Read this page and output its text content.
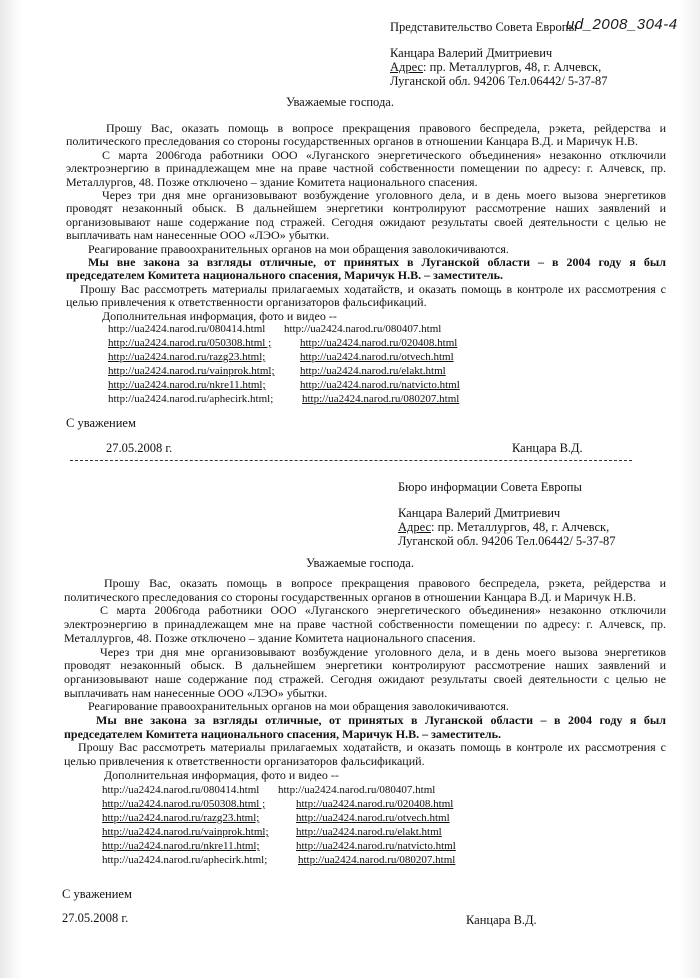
ud_2008_304-4
Представительство Совета Европы
Канцара Валерий Дмитриевич
Адрес: пр. Металлургов, 48, г. Алчевск,
Луганской обл. 94206 Тел.06442/ 5-37-87
Уважаемые господа.

Прошу Вас, оказать помощь в вопросе прекращения правового беспредела, рэкета, рейдерства и политического преследования со стороны государственных органов в отношении Канцара В.Д. и Маричук Н.В.

С марта 2006года работники ООО «Луганского энергетического объединения» незаконно отключили электроэнергию в принадлежащем мне на праве частной собственности помещении по адресу: г. Алчевск, пр. Металлургов, 48. Позже отключено – здание Комитета национального спасения.

Через три дня мне организовывают возбуждение уголовного дела, и в день моего вызова энергетиков проводят незаконный обыск. В дальнейшем энергетики контролируют рассмотрение наших заявлений и организовывают наше содержание под стражей. Сегодня ожидают результаты своей деятельности с целью не выплачивать нам нанесенные ООО «ЛЭО» убытки.

Реагирование правоохранительных органов на мои обращения заволокичиваются.

Мы вне закона за взгляды отличные, от принятых в Луганской области – в 2004 году я был председателем Комитета национального спасения, Маричук Н.В. – заместитель.

Прошу Вас рассмотреть материалы прилагаемых ходатайств, и оказать помощь в контроле их рассмотрения с целью привлечения к ответственности организаторов фальсификаций.

Дополнительная информация, фото и видео --

http://ua2424.narod.ru/080414.html http://ua2424.narod.ru/080407.html
http://ua2424.narod.ru/050308.html ;	http://ua2424.narod.ru/020408.html
http://ua2424.narod.ru/razg23.html;	http://ua2424.narod.ru/otvech.html
http://ua2424.narod.ru/vainprok.html; http://ua2424.narod.ru/elakt.html
http://ua2424.narod.ru/nkre11.html;	http://ua2424.narod.ru/natvicto.html
http://ua2424.narod.ru/aphecirk.html;	http://ua2424.narod.ru/080207.html
С уважением
27.05.2008 г.	Канцара В.Д.
Бюро информации Совета Европы
Канцара Валерий Дмитриевич
Адрес: пр. Металлургов, 48, г. Алчевск,
Луганской обл. 94206 Тел.06442/ 5-37-87
Уважаемые господа.

Прошу Вас, оказать помощь в вопросе прекращения правового беспредела, рэкета, рейдерства и политического преследования со стороны государственных органов в отношении Канцара В.Д. и Маричук Н.В.

С марта 2006года работники ООО «Луганского энергетического объединения» незаконно отключили электроэнергию в принадлежащем мне на праве частной собственности помещении по адресу: г. Алчевск, пр. Металлургов, 48. Позже отключено – здание Комитета национального спасения.

Через три дня мне организовывают возбуждение уголовного дела, и в день моего вызова энергетиков проводят незаконный обыск. В дальнейшем энергетики контролируют рассмотрение наших заявлений и организовывают наше содержание под стражей. Сегодня ожидают результаты своей деятельности с целью не выплачивать нам нанесенные ООО «ЛЭО» убытки.

Реагирование правоохранительных органов на мои обращения заволокичиваются.

Мы вне закона за взгляды отличные, от принятых в Луганской области – в 2004 году я был председателем Комитета национального спасения, Маричук Н.В. – заместитель.

Прошу Вас рассмотреть материалы прилагаемых ходатайств, и оказать помощь в контроле их рассмотрения с целью привлечения к ответственности организаторов фальсификаций.

Дополнительная информация, фото и видео --

http://ua2424.narod.ru/080414.html http://ua2424.narod.ru/080407.html
http://ua2424.narod.ru/050308.html ;	http://ua2424.narod.ru/020408.html
http://ua2424.narod.ru/razg23.html;	http://ua2424.narod.ru/otvech.html
http://ua2424.narod.ru/vainprok.html; http://ua2424.narod.ru/elakt.html
http://ua2424.narod.ru/nkre11.html;	http://ua2424.narod.ru/natvicto.html
http://ua2424.narod.ru/aphecirk.html;	http://ua2424.narod.ru/080207.html
С уважением
27.05.2008 г.	Канцара В.Д.
